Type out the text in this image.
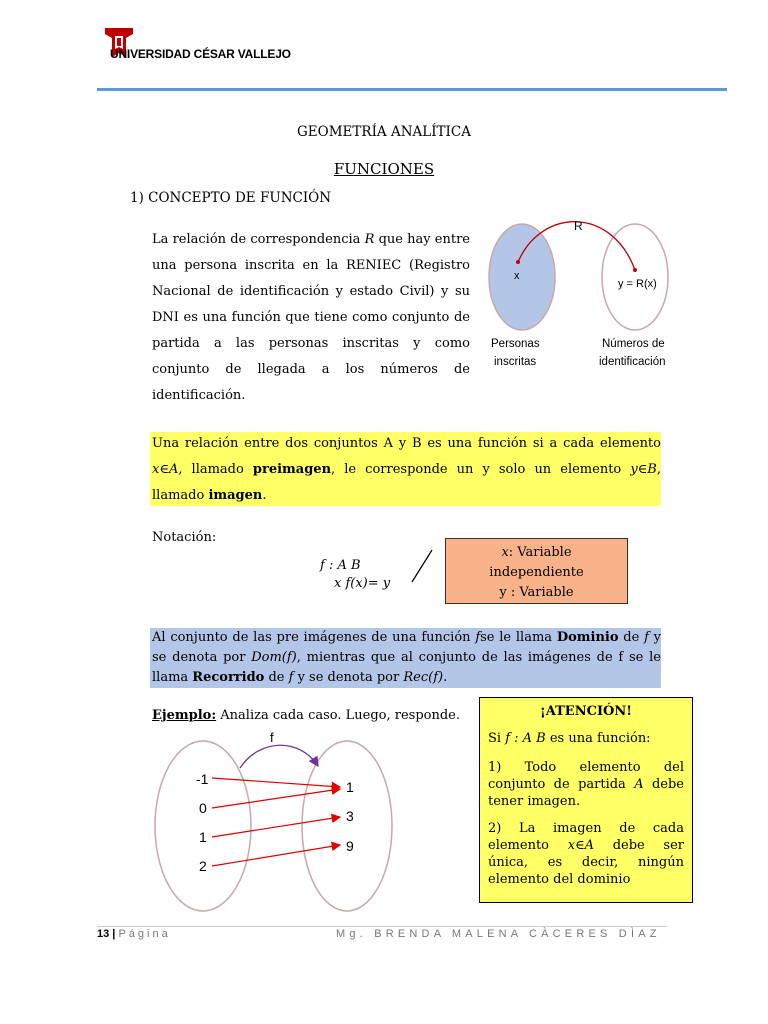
UNIVERSIDAD CÉSAR VALLEJO
GEOMETRÍA ANALÍTICA
FUNCIONES
1) CONCEPTO DE FUNCIÓN
La relación de correspondencia R que hay entre una persona inscrita en la RENIEC (Registro Nacional de identificación y estado Civil) y su DNI es una función que tiene como conjunto de partida a las personas inscritas y como conjunto de llegada a los números de identificación.
R
x
y = R(x)
Personas
inscritas
Números de
identificación
Una relación entre dos conjuntos A y B es una función si a cada elemento x∈A, llamado preimagen, le corresponde un y solo un elemento y∈B, llamado imagen.
Notación:
f : A B
x f(x)= y
x: Variable
independiente
y : Variable
Al conjunto de las pre imágenes de una función fse le llama Dominio de f y se denota por Dom(f), mientras que al conjunto de las imágenes de f se le llama Recorrido de f y se denota por Rec(f).
Ejemplo: Analiza cada caso. Luego, responde.
f
-1
0
1
2
1
3
9
¡ATENCIÓN!
Si f : A B es una función:
1) Todo elemento del conjunto de partida A debe tener imagen.
2) La imagen de cada elemento x∈A debe ser única, es decir, ningún elemento del dominio
13 | Página	Mg. BRENDA MALENA CÀCERES DÌAZ
